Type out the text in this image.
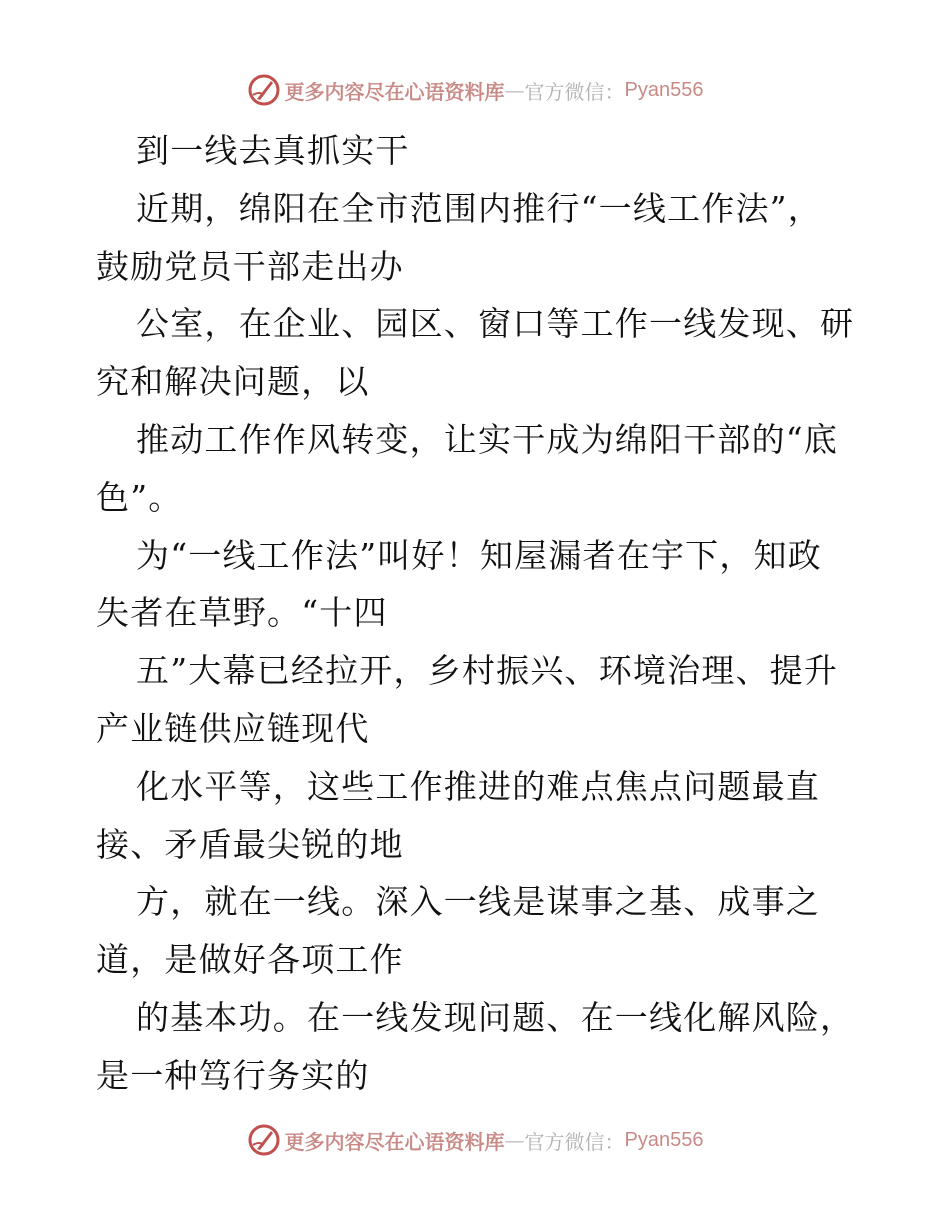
更多内容尽在心语资料库 — 官方微信： Pyan556
到一线去真抓实干
近期，绵阳在全市范围内推行“一线工作法”，
鼓励党员干部走出办
公室，在企业、园区、窗口等工作一线发现、研
究和解决问题，以
推动工作作风转变，让实干成为绵阳干部的“底
色”。
为“一线工作法”叫好！知屋漏者在宇下，知政
失者在草野。“十四
五”大幕已经拉开，乡村振兴、环境治理、提升
产业链供应链现代
化水平等，这些工作推进的难点焦点问题最直
接、矛盾最尖锐的地
方，就在一线。深入一线是谋事之基、成事之
道，是做好各项工作
的基本功。在一线发现问题、在一线化解风险，
是一种笃行务实的
更多内容尽在心语资料库 — 官方微信： Pyan556
